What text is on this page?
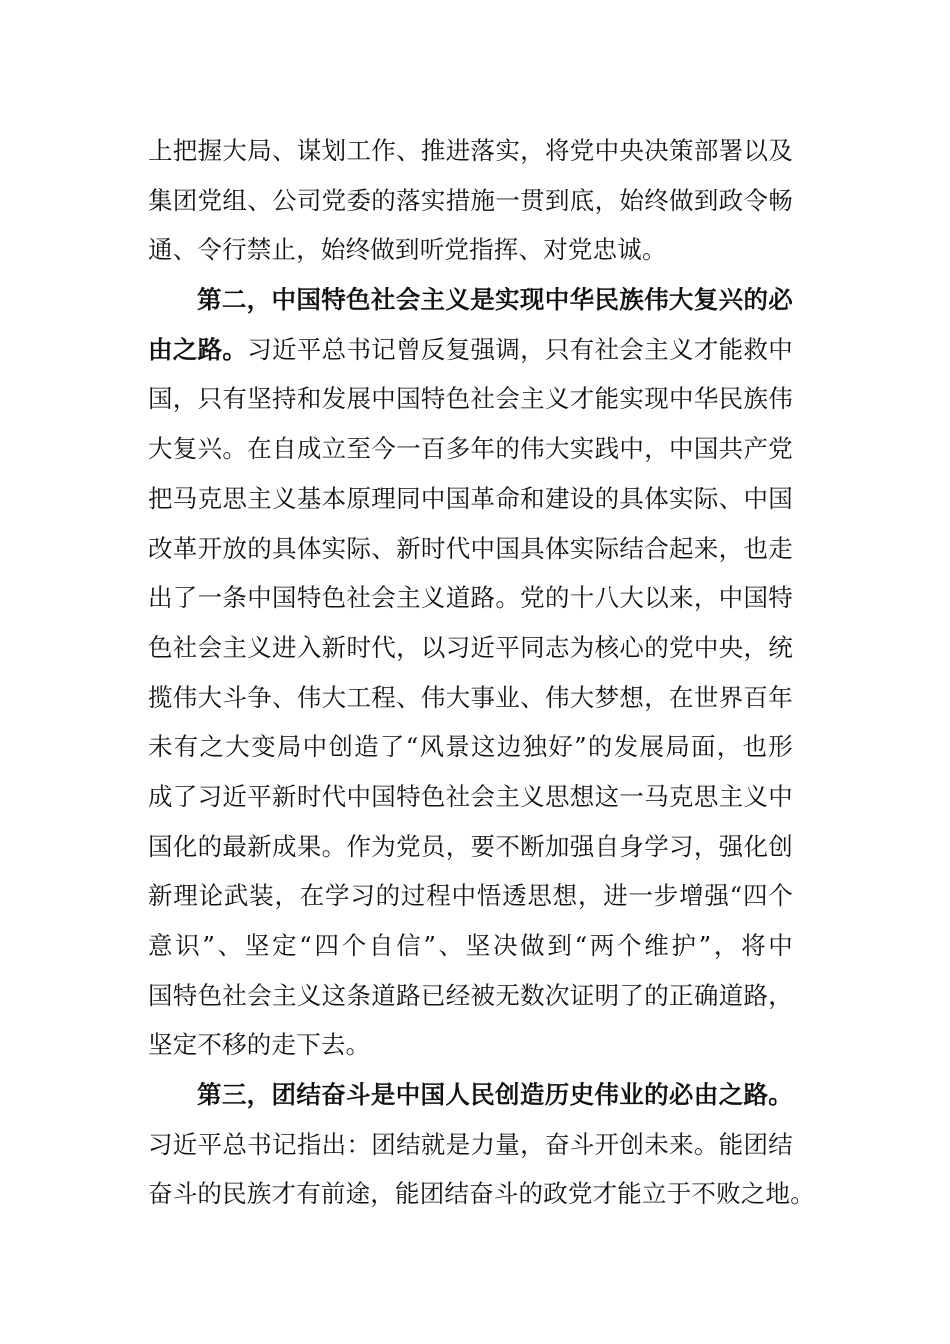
上把握大局、谋划工作、推进落实，将党中央决策部署以及
集团党组、公司党委的落实措施一贯到底，始终做到政令畅
通、令行禁止，始终做到听党指挥、对党忠诚。
第二，中国特色社会主义是实现中华民族伟大复兴的必
由之路。习近平总书记曾反复强调，只有社会主义才能救中
国，只有坚持和发展中国特色社会主义才能实现中华民族伟
大复兴。在自成立至今一百多年的伟大实践中，中国共产党
把马克思主义基本原理同中国革命和建设的具体实际、中国
改革开放的具体实际、新时代中国具体实际结合起来，也走
出了一条中国特色社会主义道路。党的十八大以来，中国特
色社会主义进入新时代，以习近平同志为核心的党中央，统
揽伟大斗争、伟大工程、伟大事业、伟大梦想，在世界百年
未有之大变局中创造了“风景这边独好”的发展局面，也形
成了习近平新时代中国特色社会主义思想这一马克思主义中
国化的最新成果。作为党员，要不断加强自身学习，强化创
新理论武装，在学习的过程中悟透思想，进一步增强“四个
意识”、坚定“四个自信”、坚决做到“两个维护”，将中
国特色社会主义这条道路已经被无数次证明了的正确道路，
坚定不移的走下去。
第三，团结奋斗是中国人民创造历史伟业的必由之路。
习近平总书记指出：团结就是力量，奋斗开创未来。能团结
奋斗的民族才有前途，能团结奋斗的政党才能立于不败之地。
